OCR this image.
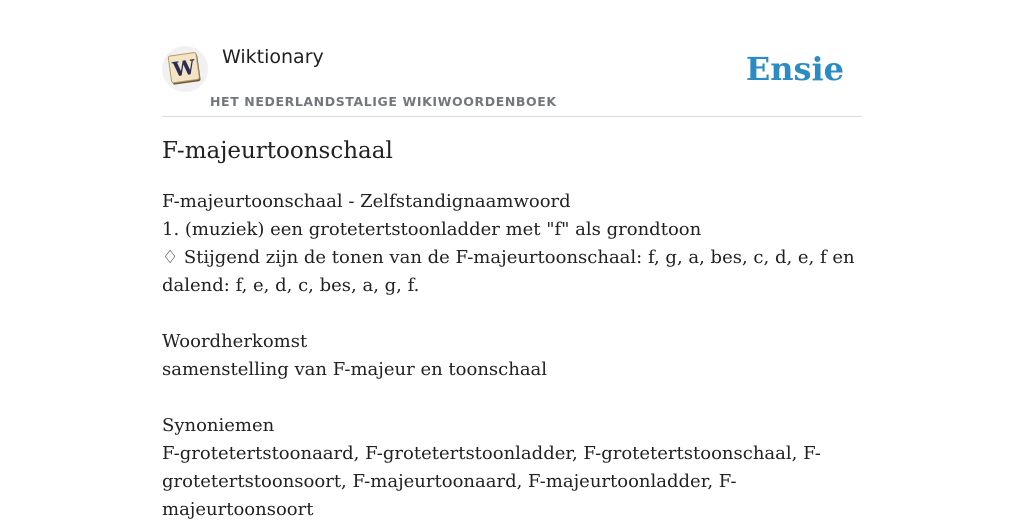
W Wiktionary
HET NEDERLANDSTALIGE WIKIWOORDENBOEK
Ensie
F-majeurtoonschaal
F-majeurtoonschaal - Zelfstandignaamwoord
1. (muziek) een grotetertstoonladder met "f" als grondtoon
♢ Stijgend zijn de tonen van de F-majeurtoonschaal: f, g, a, bes, c, d, e, f en
dalend: f, e, d, c, bes, a, g, f.
Woordherkomst
samenstelling van F-majeur en toonschaal
Synoniemen
F-grotetertstoonaard, F-grotetertstoonladder, F-grotetertstoonschaal, F-
grotetertstoonsoort, F-majeurtoonaard, F-majeurtoonladder, F-majeurtoonsoort
